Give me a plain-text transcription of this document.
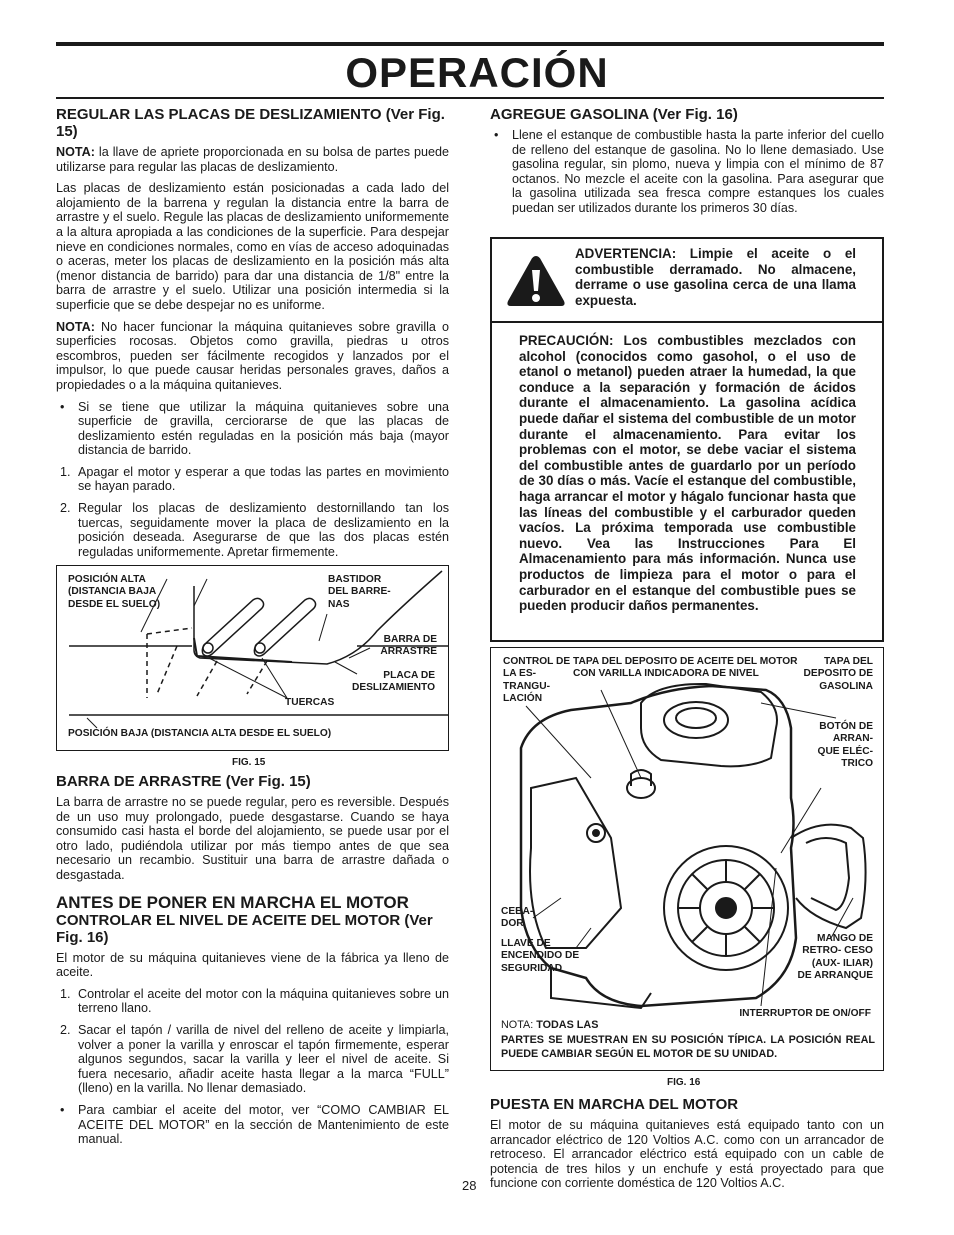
OPERACIÓN
REGULAR LAS PLACAS DE DESLIZAMIENTO (Ver Fig. 15)

NOTA: la llave de apriete proporcionada en su bolsa de partes puede utilizarse para regular las placas de deslizamiento.

Las placas de deslizamiento están posicionadas a cada lado del alojamiento de la barrena y regulan la distancia entre la barra de arrastre y el suelo. Regule las placas de deslizamiento uniformemente a la altura apropiada a las condiciones de la superficie. Para despejar nieve en condiciones normales, como en vías de acceso adoquinadas o aceras, meter los placas de deslizamiento en la posición más alta (menor distancia de barrido) para dar una distancia de 1/8" entre la barra de arrastre y el suelo. Utilizar una posición intermedia si la superficie que se debe despejar no es uniforme.

NOTA: No hacer funcionar la máquina quitanieves sobre gravilla o superficies rocosas. Objetos como gravilla, piedras u otros escombros, pueden ser fácilmente recogidos y lanzados por el impulsor, lo que puede causar heridas personales graves, daños a propiedades o a la máquina quitanieves.

•	Si se tiene que utilizar la máquina quitanieves sobre una superficie de gravilla, cerciorarse de que las placas de deslizamiento estén reguladas en la posición más baja (mayor distancia de barrido.
1. Apagar el motor y esperar a que todas las partes en movimiento se hayan parado.
2. Regular los placas de deslizamiento destornillando tan los tuercas, seguidamente mover la placa de deslizamiento en la posición deseada. Asegurarse de que las dos placas estén reguladas uniformemente. Apretar firmemente.
POSICIÓN ALTA (DISTANCIA BAJA DESDE EL SUELO)
BASTIDOR DEL BARRE- NAS
BARRA DE ARRASTRE
PLACA DE DESLIZAMIENTO
TUERCAS
POSICIÓN BAJA (DISTANCIA ALTA DESDE EL SUELO)
FIG. 15
BARRA DE ARRASTRE (Ver Fig. 15)

La barra de arrastre no se puede regular, pero es reversible. Después de un uso muy prolongado, puede desgastarse. Cuando se haya consumido casi hasta el borde del alojamiento, se puede usar por el otro lado, pudiéndola utilizar por más tiempo antes de que sea necesario un recambio. Sustituir una barra de arrastre dañada o desgastada.

ANTES DE PONER EN MARCHA EL MOTOR
CONTROLAR EL NIVEL DE ACEITE DEL MOTOR (Ver Fig. 16)

El motor de su máquina quitanieves viene de la fábrica ya lleno de aceite.

1. Controlar el aceite del motor con la máquina quitanieves sobre un terreno llano.
2. Sacar el tapón / varilla de nivel del relleno de aceite y limpiarla, volver a poner la varilla y enroscar el tapón firmemente, esperar algunos segundos, sacar la varilla y leer el nivel de aceite. Si fuera necesario, añadir aceite hasta llegar a la marca “FULL” (lleno) en la varilla. No llenar demasiado.
•	Para cambiar el aceite del motor, ver “COMO CAMBIAR EL ACEITE DEL MOTOR” en la sección de Mantenimiento de este manual.
AGREGUE GASOLINA (Ver Fig. 16)
•	Llene el estanque de combustible hasta la parte inferior del cuello de relleno del estanque de gasolina. No lo llene demasiado. Use gasolina regular, sin plomo, nueva y limpia con el mínimo de 87 octanos. No mezcle el aceite con la gasolina. Para asegurar que la gasolina utilizada sea fresca compre estanques los cuales puedan ser utilizados durante los primeros 30 días.
ADVERTENCIA: Limpie el aceite o el combustible derramado. No almacene, derrame o use gasolina cerca de una llama expuesta.
PRECAUCIÓN: Los combustibles mezclados con alcohol (conocidos como gasohol, o el uso de etanol o metanol) pueden atraer la humedad, la que conduce a la separación y formación de ácidos durante el almacenamiento. La gasolina acídica puede dañar el sistema del combustible de un motor durante el almacenamiento. Para evitar los problemas con el motor, se debe vaciar el sistema del combustible antes de guardarlo por un período de 30 días o más. Vacíe el estanque del combustible, haga arrancar el motor y hágalo funcionar hasta que las líneas del combustible y el carburador queden vacíos. La próxima temporada use combustible nuevo. Vea las Instrucciones Para El Almacenamiento para más información. Nunca use productos de limpieza para el motor o para el carburador en el estanque del combustible pues se pueden producir daños permanentes.
CONTROL DE LA ES- TRANGU- LACIÓN
TAPA DEL DEPOSITO DE ACEITE DEL MOTOR CON VARILLA INDICADORA DE NIVEL
TAPA DEL DEPOSITO DE GASOLINA
BOTÓN DE ARRAN- QUE ELÉC- TRICO
CEBA- DOR
LLAVE DE ENCENDIDO DE SEGURIDAD
MANGO DE RETRO- CESO (AUX- ILIAR) DE ARRANQUE
INTERRUPTOR DE ON/OFF
NOTA: TODAS LAS
PARTES SE MUESTRAN EN SU POSICIÓN TÍPICA. LA POSICIÓN REAL PUEDE CAMBIAR SEGÚN EL MOTOR DE SU UNIDAD.
FIG. 16
PUESTA EN MARCHA DEL MOTOR

El motor de su máquina quitanieves está equipado tanto con un arrancador eléctrico de 120 Voltios A.C. como con un arrancador de retroceso. El arrancador eléctrico está equipado con un cable de potencia de tres hilos y un enchufe y está proyectado para que funcione con corriente doméstica de 120 Voltios A.C.

28
